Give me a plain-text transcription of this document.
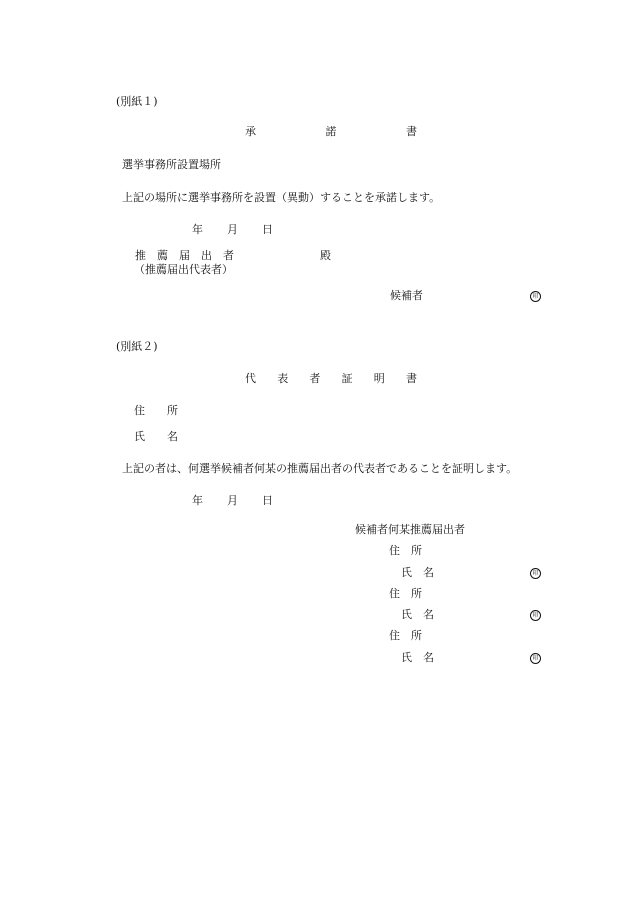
(別紙１)
承	諾	書
選挙事務所設置場所
上記の場所に選挙事務所を設置（異動）することを承諾します。
年 月 日
推　薦　届　出　者	殿
（推薦届出代表者）
候補者	印
(別紙２)
代 表 者 証 明 書
住　　所
氏　　名
上記の者は、何選挙候補者何某の推薦届出者の代表者であることを証明します。
年 月 日
候補者何某推薦届出者
住　所
氏　名	印
住　所
氏　名	印
住　所
氏　名	印
